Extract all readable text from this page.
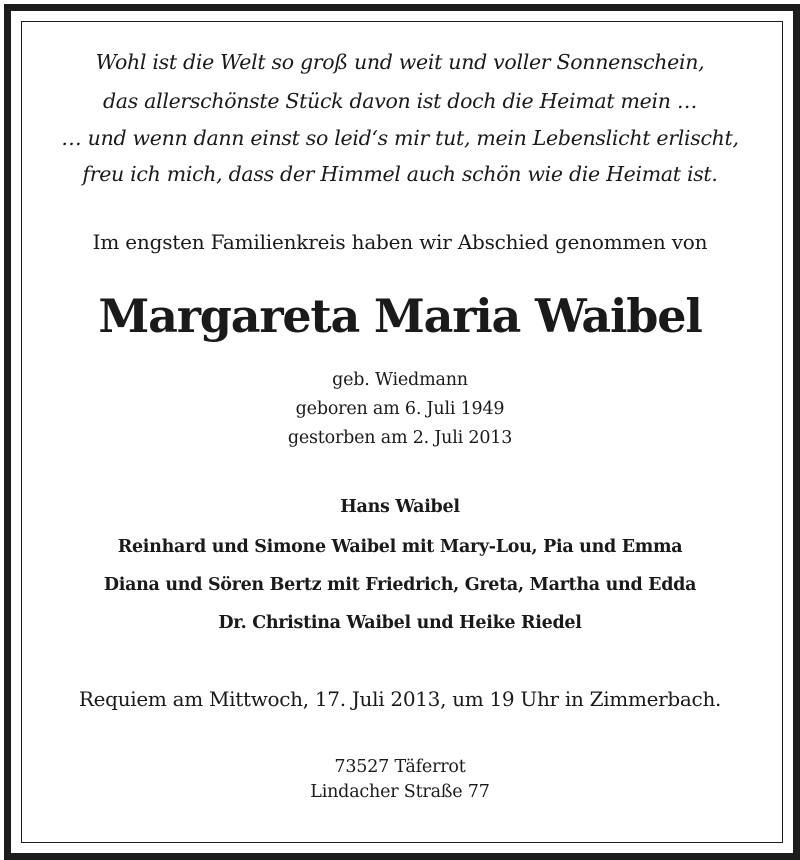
Wohl ist die Welt so groß und weit und voller Sonnenschein,
das allerschönste Stück davon ist doch die Heimat mein …
… und wenn dann einst so leid‘s mir tut, mein Lebenslicht erlischt,
freu ich mich, dass der Himmel auch schön wie die Heimat ist.
Im engsten Familienkreis haben wir Abschied genommen von
Margareta Maria Waibel
geb. Wiedmann
geboren am 6. Juli 1949
gestorben am 2. Juli 2013
Hans Waibel
Reinhard und Simone Waibel mit Mary-Lou, Pia und Emma
Diana und Sören Bertz mit Friedrich, Greta, Martha und Edda
Dr. Christina Waibel und Heike Riedel
Requiem am Mittwoch, 17. Juli 2013, um 19 Uhr in Zimmerbach.
73527 Täferrot
Lindacher Straße 77
